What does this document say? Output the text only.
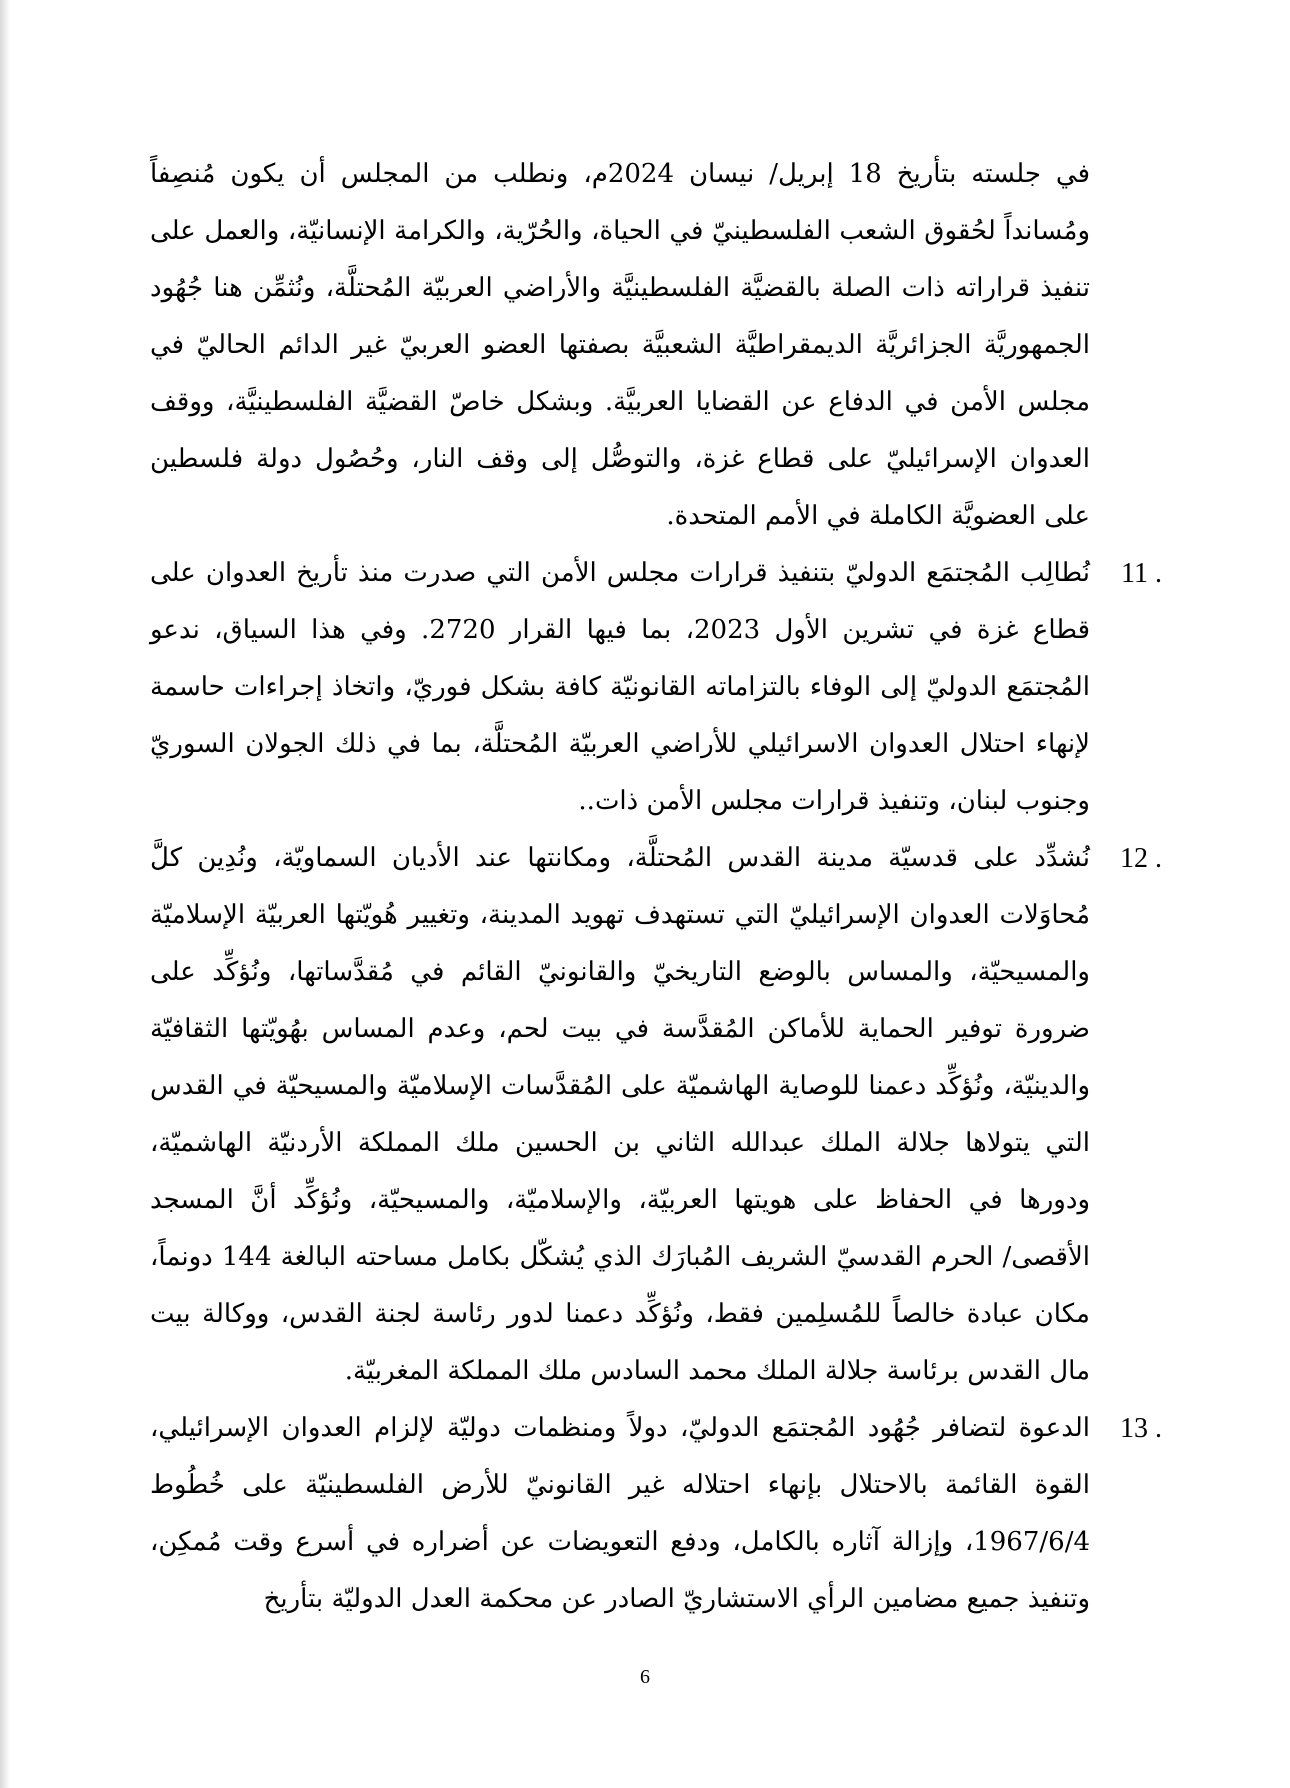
في جلسته بتأريخ 18 إبريل/ نيسان 2024م، ونطلب من المجلس أن يكون مُنصِفاً ومُسانداً لحُقوق الشعب الفلسطينيّ في الحياة، والحُرّية، والكرامة الإنسانيّة، والعمل على تنفيذ قراراته ذات الصلة بالقضيَّة الفلسطينيَّة والأراضي العربيّة المُحتلَّة، ونُثمِّن هنا جُهُود الجمهوريَّة الجزائريَّة الديمقراطيَّة الشعبيَّة بصفتها العضو العربيّ غير الدائم الحاليّ في مجلس الأمن في الدفاع عن القضايا العربيَّة. وبشكل خاصّ القضيَّة الفلسطينيَّة، ووقف العدوان الإسرائيليّ على قطاع غزة، والتوصُّل إلى وقف النار، وحُصُول دولة فلسطين على العضويَّة الكاملة في الأمم المتحدة.

11 .

نُطالِب المُجتمَع الدوليّ بتنفيذ قرارات مجلس الأمن التي صدرت منذ تأريخ العدوان على قطاع غزة في تشرين الأول 2023، بما فيها القرار 2720. وفي هذا السياق، ندعو المُجتمَع الدوليّ إلى الوفاء بالتزاماته القانونيّة كافة بشكل فوريّ، واتخاذ إجراءات حاسمة لإنهاء احتلال العدوان الاسرائيلي للأراضي العربيّة المُحتلَّة، بما في ذلك الجولان السوريّ وجنوب لبنان، وتنفيذ قرارات مجلس الأمن ذات..

12 .

نُشدِّد على قدسيّة مدينة القدس المُحتلَّة، ومكانتها عند الأديان السماويّة، ونُدِين كلَّ مُحاوَلات العدوان الإسرائيليّ التي تستهدف تهويد المدينة، وتغيير هُويّتها العربيّة الإسلاميّة والمسيحيّة، والمساس بالوضع التاريخيّ والقانونيّ القائم في مُقدَّساتها، ونُؤكِّد على ضرورة توفير الحماية للأماكن المُقدَّسة في بيت لحم، وعدم المساس بهُويّتها الثقافيّة والدينيّة، ونُؤكِّد دعمنا للوصاية الهاشميّة على المُقدَّسات الإسلاميّة والمسيحيّة في القدس التي يتولاها جلالة الملك عبدالله الثاني بن الحسين ملك المملكة الأردنيّة الهاشميّة، ودورها في الحفاظ على هويتها العربيّة، والإسلاميّة، والمسيحيّة، ونُؤكِّد أنَّ المسجد الأقصى/ الحرم القدسيّ الشريف المُبارَك الذي يُشكّل بكامل مساحته البالغة 144 دونماً، مكان عبادة خالصاً للمُسلِمين فقط، ونُؤكِّد دعمنا لدور رئاسة لجنة القدس، ووكالة بيت مال القدس برئاسة جلالة الملك محمد السادس ملك المملكة المغربيّة.

13 .

الدعوة لتضافر جُهُود المُجتمَع الدوليّ، دولاً ومنظمات دوليّة لإلزام العدوان الإسرائيلي، القوة القائمة بالاحتلال بإنهاء احتلاله غير القانونيّ للأرض الفلسطينيّة على خُطُوط 1967/6/4، وإزالة آثاره بالكامل، ودفع التعويضات عن أضراره في أسرع وقت مُمكِن، وتنفيذ جميع مضامين الرأي الاستشاريّ الصادر عن محكمة العدل الدوليّة بتأريخ

6
